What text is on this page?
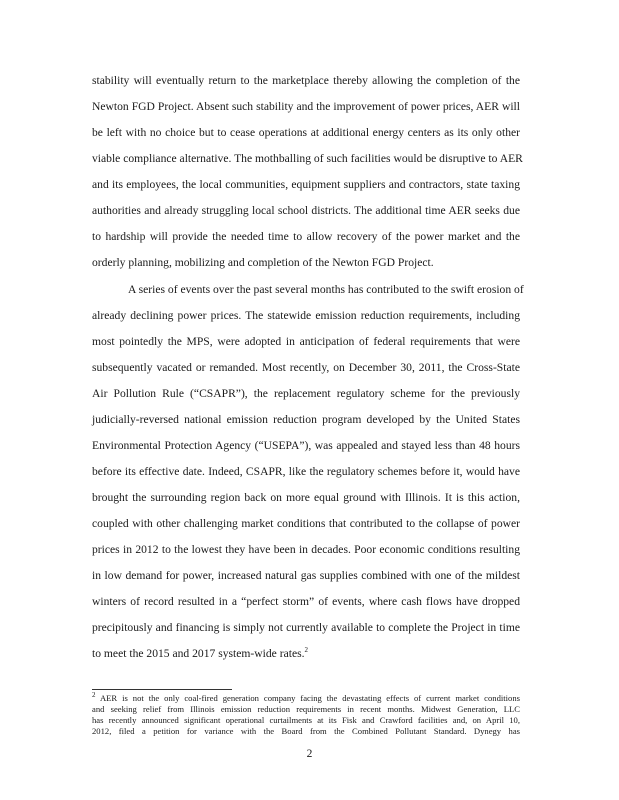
stability will eventually return to the marketplace thereby allowing the completion of the
Newton FGD Project. Absent such stability and the improvement of power prices, AER will
be left with no choice but to cease operations at additional energy centers as its only other
viable compliance alternative. The mothballing of such facilities would be disruptive to AER
and its employees, the local communities, equipment suppliers and contractors, state taxing
authorities and already struggling local school districts. The additional time AER seeks due
to hardship will provide the needed time to allow recovery of the power market and the
orderly planning, mobilizing and completion of the Newton FGD Project.
A series of events over the past several months has contributed to the swift erosion of
already declining power prices. The statewide emission reduction requirements, including
most pointedly the MPS, were adopted in anticipation of federal requirements that were
subsequently vacated or remanded. Most recently, on December 30, 2011, the Cross-State
Air Pollution Rule (“CSAPR”), the replacement regulatory scheme for the previously
judicially-reversed national emission reduction program developed by the United States
Environmental Protection Agency (“USEPA”), was appealed and stayed less than 48 hours
before its effective date. Indeed, CSAPR, like the regulatory schemes before it, would have
brought the surrounding region back on more equal ground with Illinois. It is this action,
coupled with other challenging market conditions that contributed to the collapse of power
prices in 2012 to the lowest they have been in decades. Poor economic conditions resulting
in low demand for power, increased natural gas supplies combined with one of the mildest
winters of record resulted in a “perfect storm” of events, where cash flows have dropped
precipitously and financing is simply not currently available to complete the Project in time
to meet the 2015 and 2017 system-wide rates.$^2$
$^2$ AER is not the only coal-fired generation company facing the devastating effects of current market conditions
and seeking relief from Illinois emission reduction requirements in recent months. Midwest Generation, LLC
has recently announced significant operational curtailments at its Fisk and Crawford facilities and, on April 10,
2012, filed a petition for variance with the Board from the Combined Pollutant Standard. Dynegy has
2
